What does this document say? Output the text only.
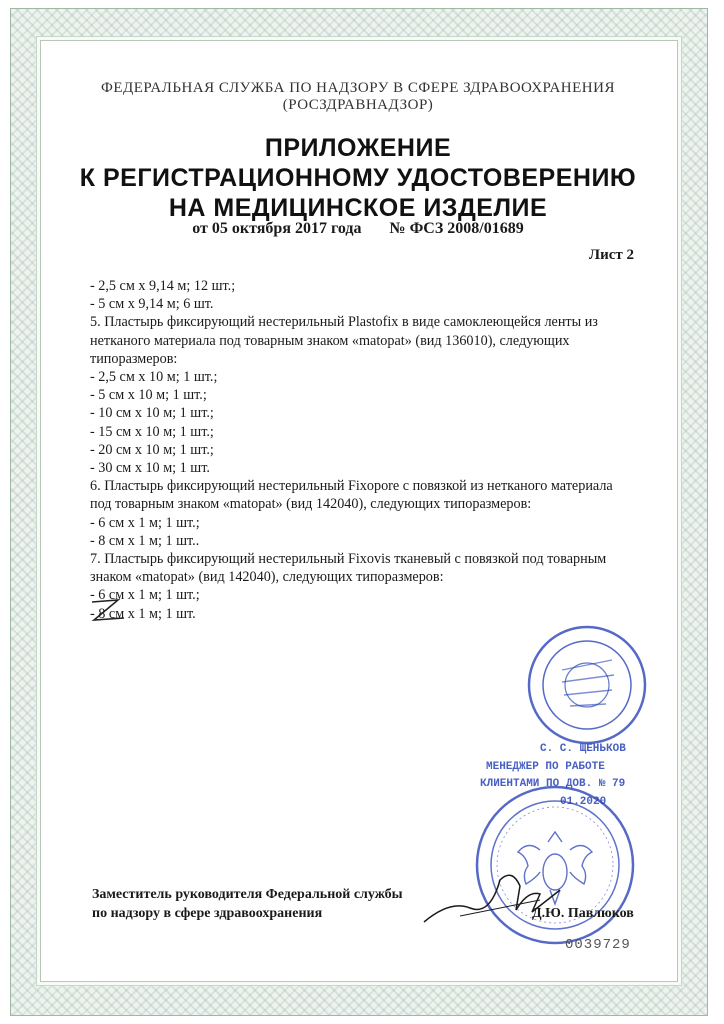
ФЕДЕРАЛЬНАЯ СЛУЖБА ПО НАДЗОРУ В СФЕРЕ ЗДРАВООХРАНЕНИЯ
(РОСЗДРАВНАДЗОР)
ПРИЛОЖЕНИЕ
К РЕГИСТРАЦИОННОМУ УДОСТОВЕРЕНИЮ
НА МЕДИЦИНСКОЕ ИЗДЕЛИЕ
от 05 октября 2017 года № ФСЗ 2008/01689
Лист 2
- 2,5 см х 9,14 м; 12 шт.;
- 5 см х 9,14 м; 6 шт.
5. Пластырь фиксирующий нестерильный Plastofix в виде самоклеющейся ленты из
нетканого материала под товарным знаком «matopat» (вид 136010), следующих
типоразмеров:
- 2,5 см х 10 м; 1 шт.;
- 5 см х 10 м; 1 шт.;
- 10 см х 10 м; 1 шт.;
- 15 см х 10 м; 1 шт.;
- 20 см х 10 м; 1 шт.;
- 30 см х 10 м; 1 шт.
6. Пластырь фиксирующий нестерильный Fixopore с повязкой из нетканого материала
под товарным знаком «matopat» (вид 142040), следующих типоразмеров:
- 6 см х 1 м; 1 шт.;
- 8 см х 1 м; 1 шт..
7. Пластырь фиксирующий нестерильный Fixovis тканевый с повязкой под товарным
знаком «matopat» (вид 142040), следующих типоразмеров:
- 6 см х 1 м; 1 шт.;
- 8 см х 1 м; 1 шт.
С. С. ЩЕНЬКОВ
МЕНЕДЖЕР ПО РАБОТЕ
КЛИЕНТАМИ ПО ДОВ. № 79
01.2020
Заместитель руководителя Федеральной службы
по надзору в сфере здравоохранения	Д.Ю. Павлюков
0039729
